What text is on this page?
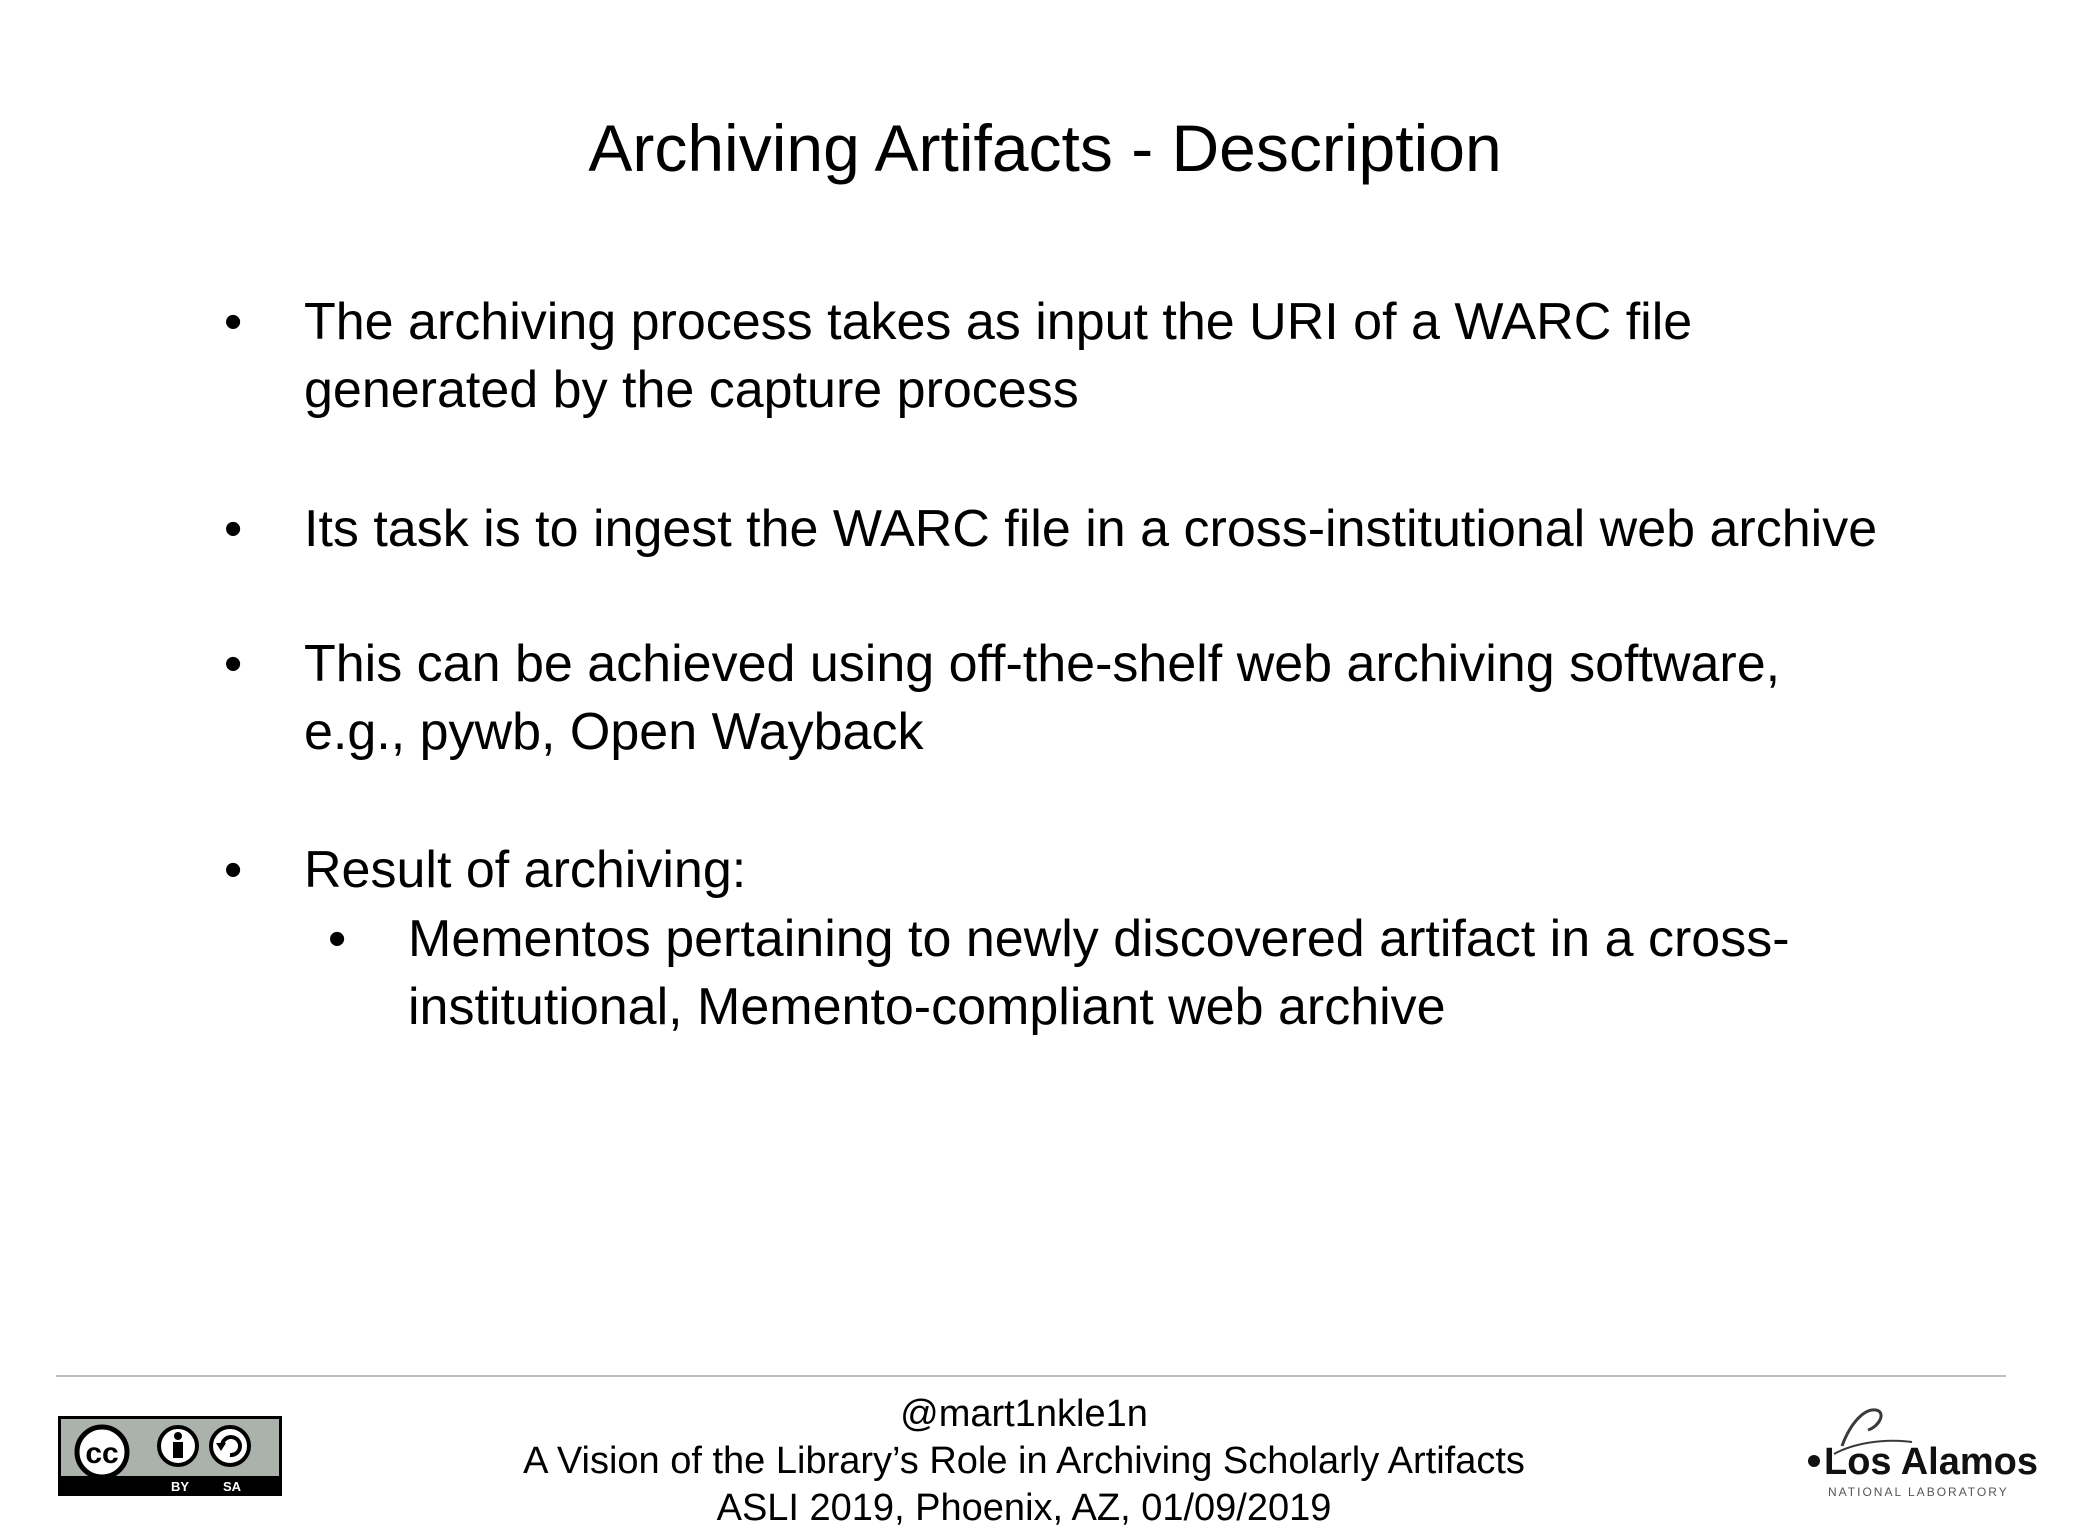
Archiving Artifacts - Description
•	The archiving process takes as input the URI of a WARC file
generated by the capture process
•	Its task is to ingest the WARC file in a cross-institutional web archive
•	This can be achieved using off-the-shelf web archiving software,
e.g., pywb, Open Wayback
•	Result of archiving:
•	Mementos pertaining to newly discovered artifact in a cross-
institutional, Memento-compliant web archive
cc
BY	SA
@mart1nkle1n
A Vision of the Library’s Role in Archiving Scholarly Artifacts
ASLI 2019, Phoenix, AZ, 01/09/2019
Los Alamos
NATIONAL LABORATORY
